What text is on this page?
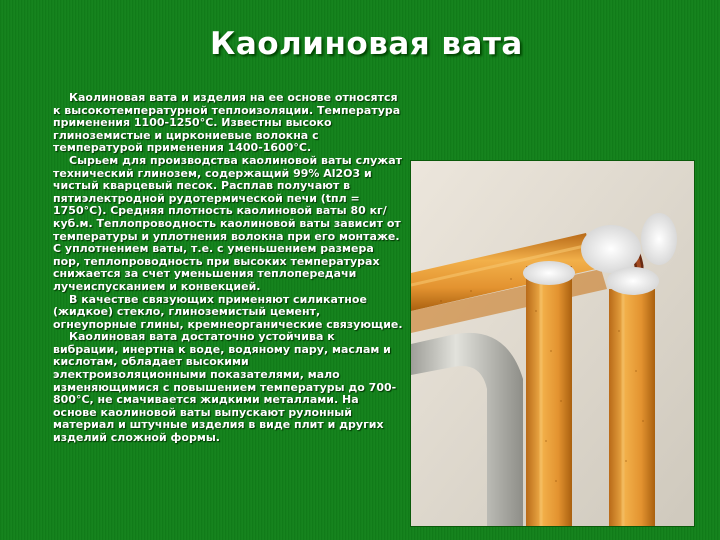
Каолиновая вата

Каолиновая вата и изделия на ее основе относятся к высокотемпературной теплоизоляции. Температура применения 1100-1250°С. Известны высоко глиноземистые и циркониевые волокна с температурой применения 1400-1600°С.

Сырьем для производства каолиновой ваты служат технический глинозем, содержащий 99% Al2O3 и чистый кварцевый песок. Расплав получают в пятиэлектродной рудотермической печи (tпл = 1750°С). Средняя плотность каолиновой ваты 80 кг/куб.м. Теплопроводность каолиновой ваты зависит от температуры и уплотнения волокна при его монтаже. С уплотнением ваты, т.е. с уменьшением размера пор, теплопроводность при высоких температурах снижается за счет уменьшения теплопередачи лучеиспусканием и конвекцией.

В качестве связующих применяют силикатное (жидкое) стекло, глиноземистый цемент, огнеупорные глины, кремнеорганические связующие.

Каолиновая вата достаточно устойчива к вибрации, инертна к воде, водяному пару, маслам и кислотам, обладает высокими электроизоляционными показателями, мало изменяющимися с повышением температуры до 700-800°С, не смачивается жидкими металлами. На основе каолиновой ваты выпускают рулонный материал и штучные изделия в виде плит и других изделий сложной формы.
